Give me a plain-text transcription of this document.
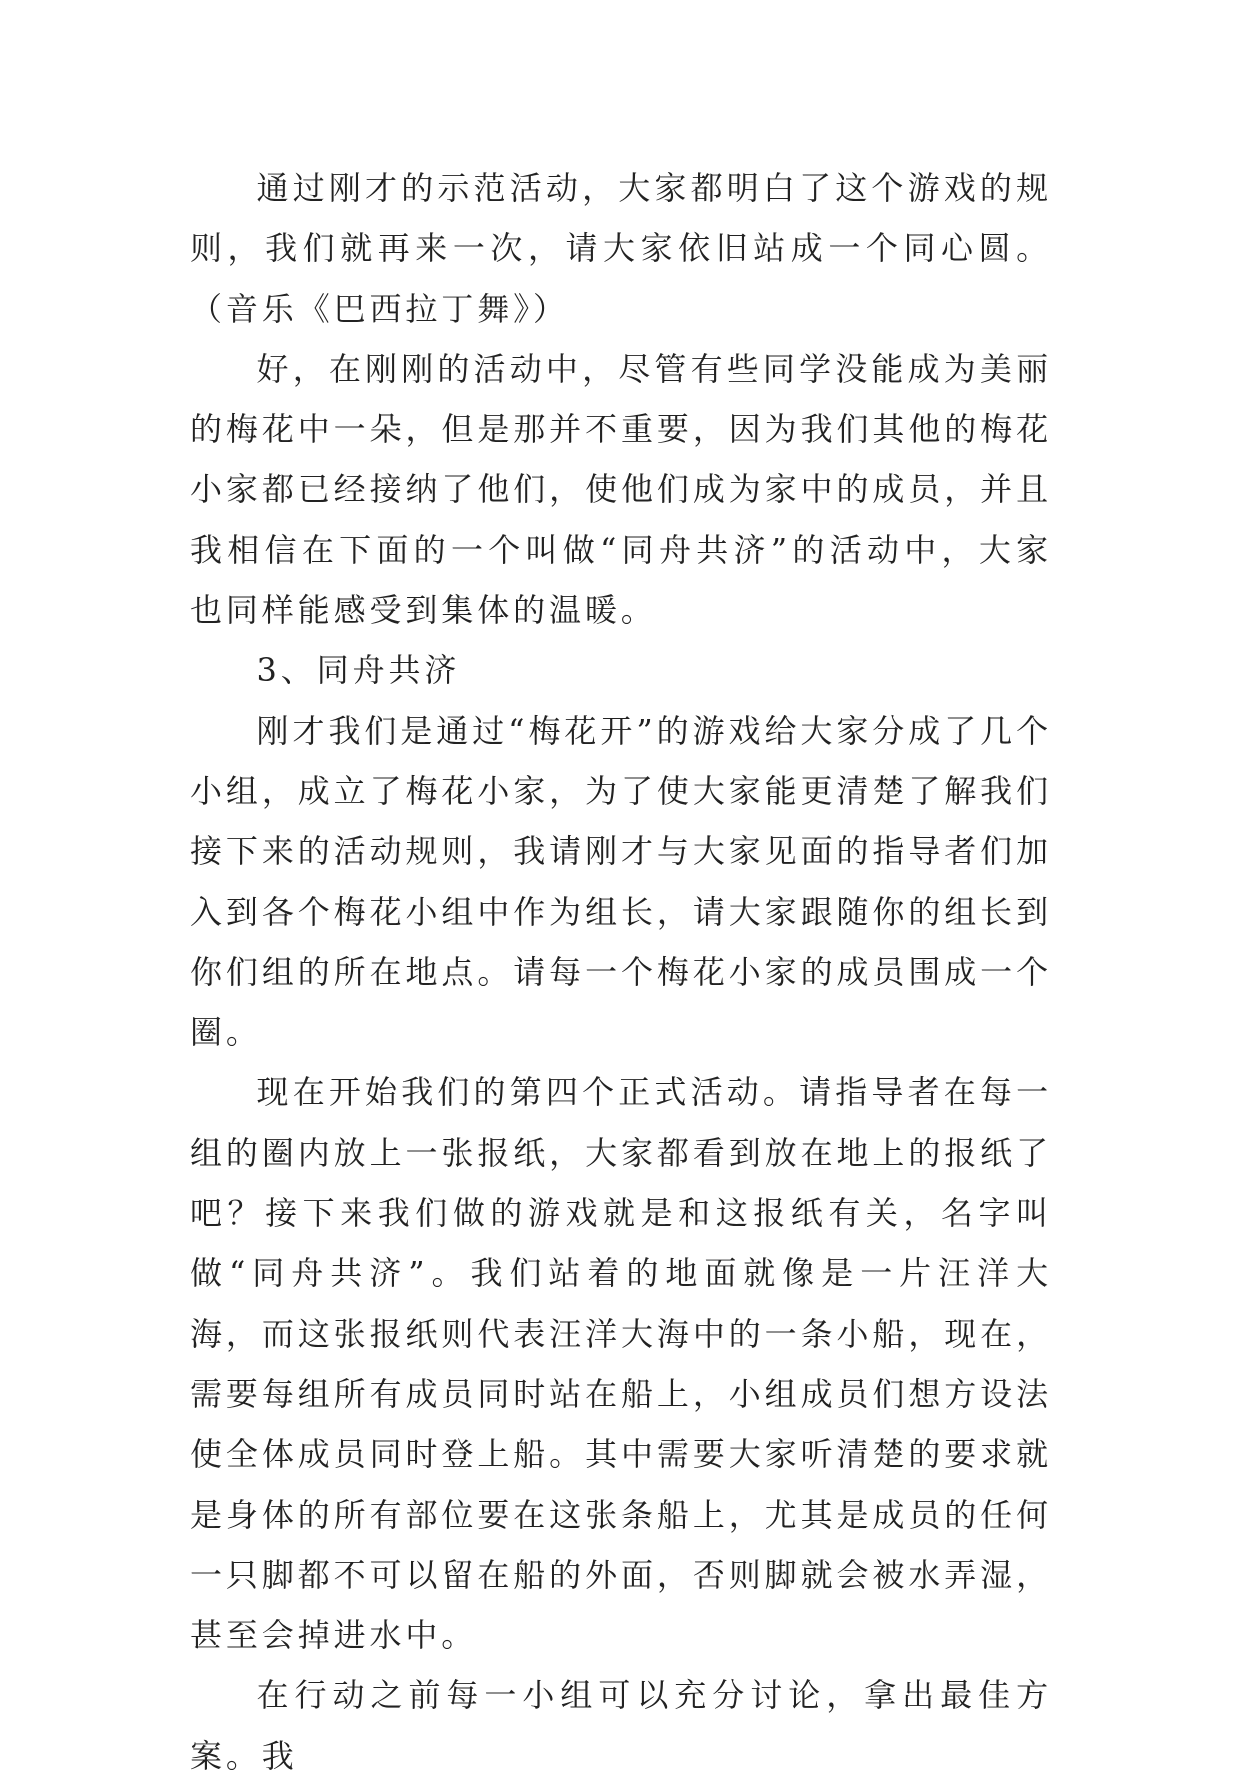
通过刚才的示范活动，大家都明白了这个游戏的规则，我们就再来一次，请大家依旧站成一个同心圆。（音乐《巴西拉丁舞》）

好，在刚刚的活动中，尽管有些同学没能成为美丽的梅花中一朵，但是那并不重要，因为我们其他的梅花小家都已经接纳了他们，使他们成为家中的成员，并且我相信在下面的一个叫做“同舟共济”的活动中，大家也同样能感受到集体的温暖。

3、同舟共济

刚才我们是通过“梅花开”的游戏给大家分成了几个小组，成立了梅花小家，为了使大家能更清楚了解我们接下来的活动规则，我请刚才与大家见面的指导者们加入到各个梅花小组中作为组长，请大家跟随你的组长到你们组的所在地点。请每一个梅花小家的成员围成一个圈。

现在开始我们的第四个正式活动。请指导者在每一组的圈内放上一张报纸，大家都看到放在地上的报纸了吧？接下来我们做的游戏就是和这报纸有关，名字叫做“同舟共济”。我们站着的地面就像是一片汪洋大海，而这张报纸则代表汪洋大海中的一条小船，现在，需要每组所有成员同时站在船上，小组成员们想方设法使全体成员同时登上船。其中需要大家听清楚的要求就是身体的所有部位要在这张条船上，尤其是成员的任何一只脚都不可以留在船的外面，否则脚就会被水弄湿，甚至会掉进水中。

在行动之前每一小组可以充分讨论，拿出最佳方案。我
